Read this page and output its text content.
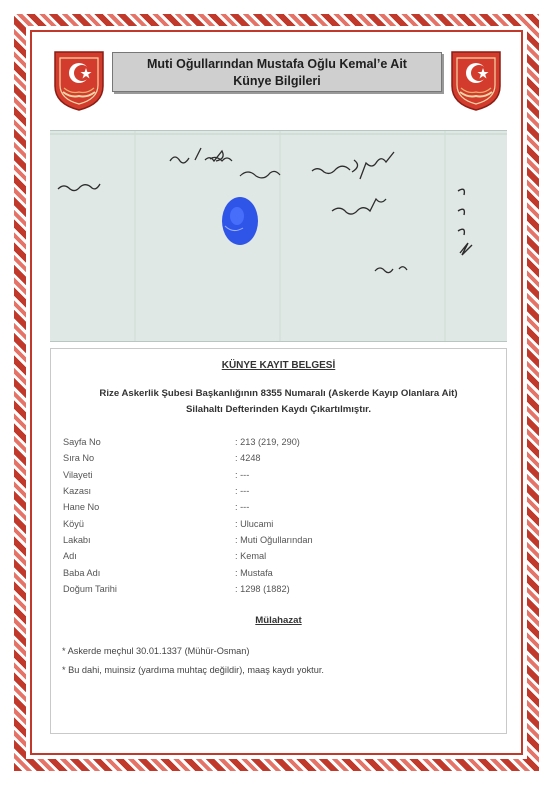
Muti Oğullarından Mustafa Oğlu Kemal’e Ait
Künye Bilgileri
KÜNYE KAYIT BELGESİ
Rize Askerlik Şubesi Başkanlığının 8355 Numaralı (Askerde Kayıp Olanlara Ait)
Silahaltı Defterinden Kaydı Çıkartılmıştır.
Sayfa No	: 213 (219, 290)
Sıra No	: 4248
Vilayeti	: ---
Kazası	: ---
Hane No	: ---
Köyü	: Ulucami
Lakabı	: Muti Oğullarından
Adı	: Kemal
Baba Adı	: Mustafa
Doğum Tarihi	: 1298 (1882)
Mülahazat
* Askerde meçhul 30.01.1337 (Mühür-Osman)
* Bu dahi, muinsiz (yardıma muhtaç değildir), maaş kaydı yoktur.
